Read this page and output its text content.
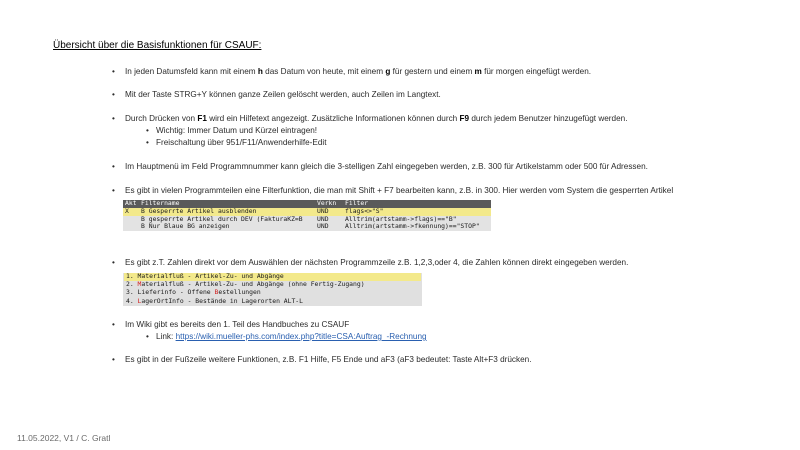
Übersicht über die Basisfunktionen für CSAUF:
• In jeden Datumsfeld kann mit einem h das Datum von heute, mit einem g für gestern und einem m für morgen eingefügt werden.
• Mit der Taste STRG+Y können ganze Zeilen gelöscht werden, auch Zeilen im Langtext.
• Durch Drücken von F1 wird ein Hilfetext angezeigt. Zusätzliche Informationen können durch F9 durch jedem Benutzer hinzugefügt werden.
• Wichtig: Immer Datum und Kürzel eintragen!
• Freischaltung über 951/F11/Anwenderhilfe-Edit
• Im Hauptmenü im Feld Programmnummer kann gleich die 3-stelligen Zahl eingegeben werden, z.B. 300 für Artikelstamm oder 500 für Adressen.
• Es gibt in vielen Programmteilen eine Filterfunktion, die man mit Shift + F7 bearbeiten kann, z.B. in 300. Hier werden vom System die gesperrten Artikel
Akt	Filtername	Verkn	Filter
X	B Gesperrte Artikel ausblenden	UND	flags<>"S"
	B gesperrte Artikel durch DEV (FakturaKZ=B	UND	Alltrim(artstamm->flags)=="B"
	B Nur Blaue BG anzeigen	UND	Alltrim(artstamm->fkennung)=="STOP"
• Es gibt z.T. Zahlen direkt vor dem Auswählen der nächsten Programmzeile z.B. 1,2,3,oder 4, die Zahlen können direkt eingegeben werden.
1. Materialfluß - Artikel-Zu- und Abgänge
2. Materialfluß - Artikel-Zu- und Abgänge (ohne Fertig-Zugang)
3. Lieferinfo - Offene Bestellungen
4. LagerOrtInfo - Bestände in Lagerorten ALT-L
• Im Wiki gibt es bereits den 1. Teil des Handbuches zu CSAUF
• Link: https://wiki.mueller-phs.com/index.php?title=CSA:Auftrag_-Rechnung
• Es gibt in der Fußzeile weitere Funktionen, z.B. F1 Hilfe, F5 Ende und aF3 (aF3 bedeutet: Taste Alt+F3 drücken.
11.05.2022, V1 / C. Gratl
